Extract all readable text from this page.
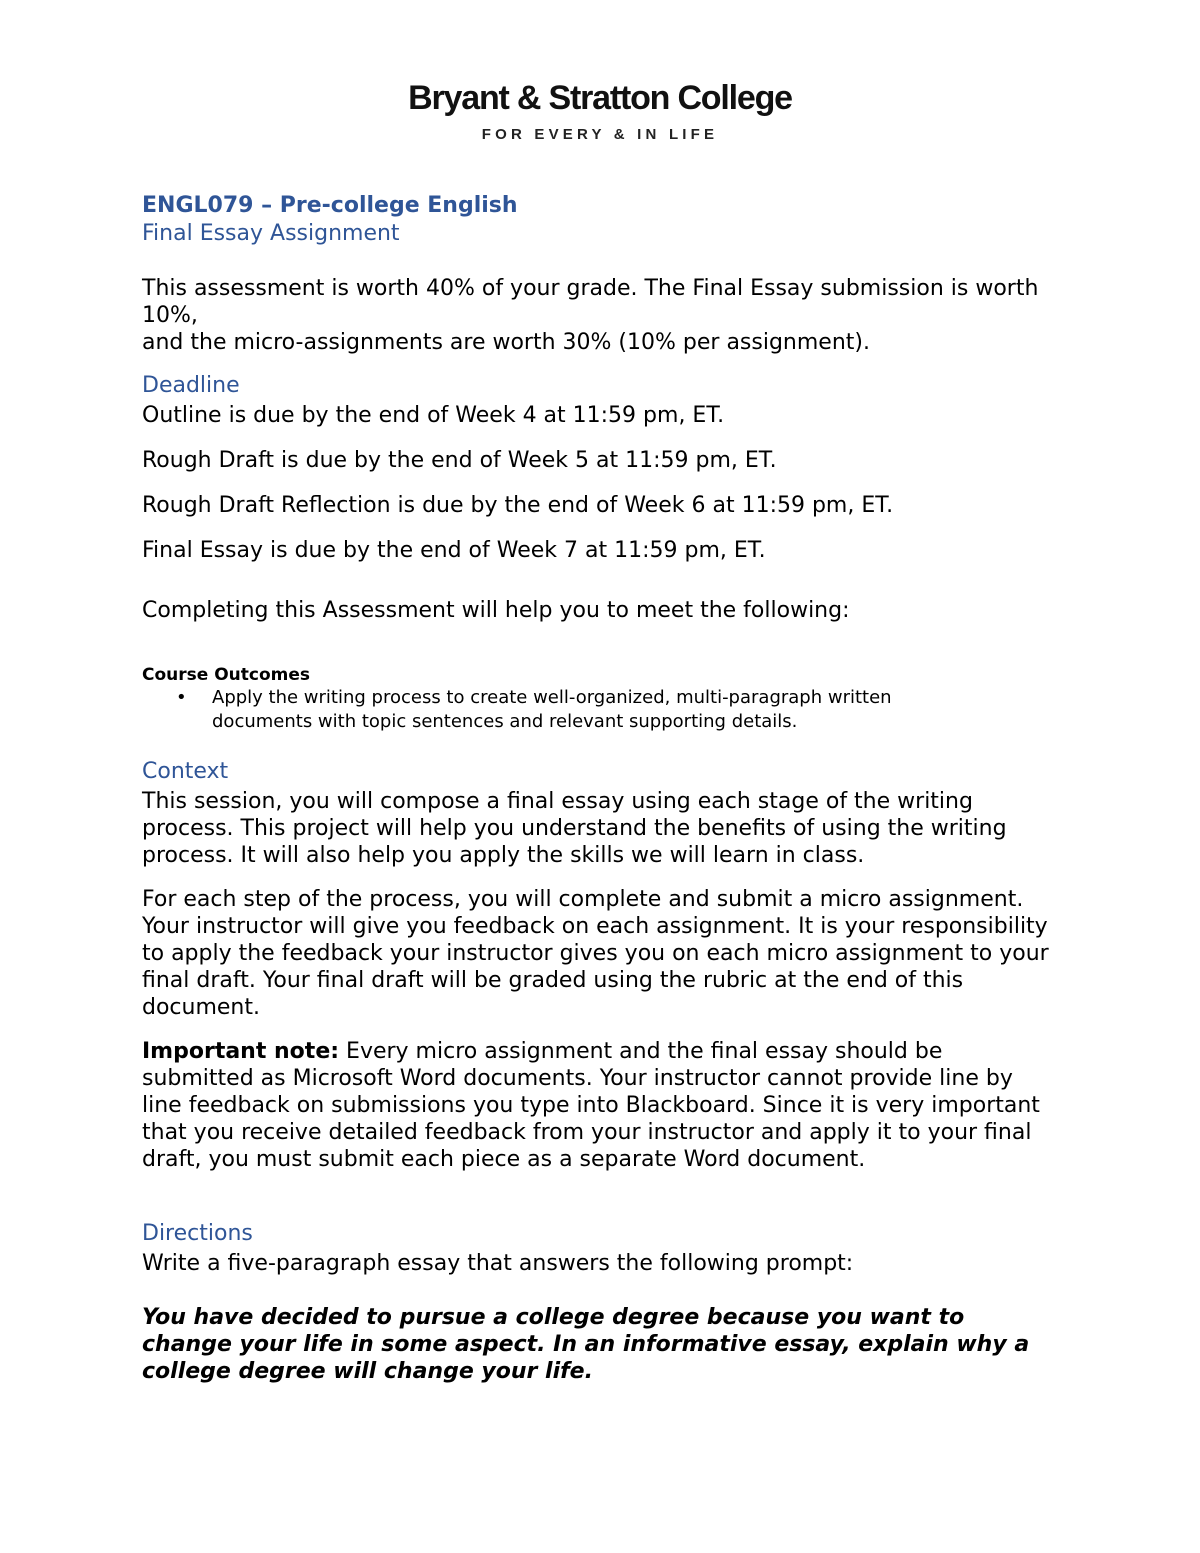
Bryant & Stratton College
FOR EVERY & IN LIFE
ENGL079 – Pre-college English
Final Essay Assignment

This assessment is worth 40% of your grade. The Final Essay submission is worth 10%,

and the micro-assignments are worth 30% (10% per assignment).

Deadline

Outline is due by the end of Week 4 at 11:59 pm, ET.

Rough Draft is due by the end of Week 5 at 11:59 pm, ET.

Rough Draft Reflection is due by the end of Week 6 at 11:59 pm, ET.

Final Essay is due by the end of Week 7 at 11:59 pm, ET.

Completing this Assessment will help you to meet the following:

Course Outcomes
• Apply the writing process to create well-organized, multi-paragraph written documents with topic sentences and relevant supporting details.

Context

This session, you will compose a final essay using each stage of the writing process. This project will help you understand the benefits of using the writing process. It will also help you apply the skills we will learn in class.

For each step of the process, you will complete and submit a micro assignment. Your instructor will give you feedback on each assignment. It is your responsibility to apply the feedback your instructor gives you on each micro assignment to your final draft. Your final draft will be graded using the rubric at the end of this document.

Important note: Every micro assignment and the final essay should be submitted as Microsoft Word documents. Your instructor cannot provide line by line feedback on submissions you type into Blackboard. Since it is very important that you receive detailed feedback from your instructor and apply it to your final draft, you must submit each piece as a separate Word document.

Directions

Write a five-paragraph essay that answers the following prompt:

You have decided to pursue a college degree because you want to change your life in some aspect. In an informative essay, explain why a college degree will change your life.
